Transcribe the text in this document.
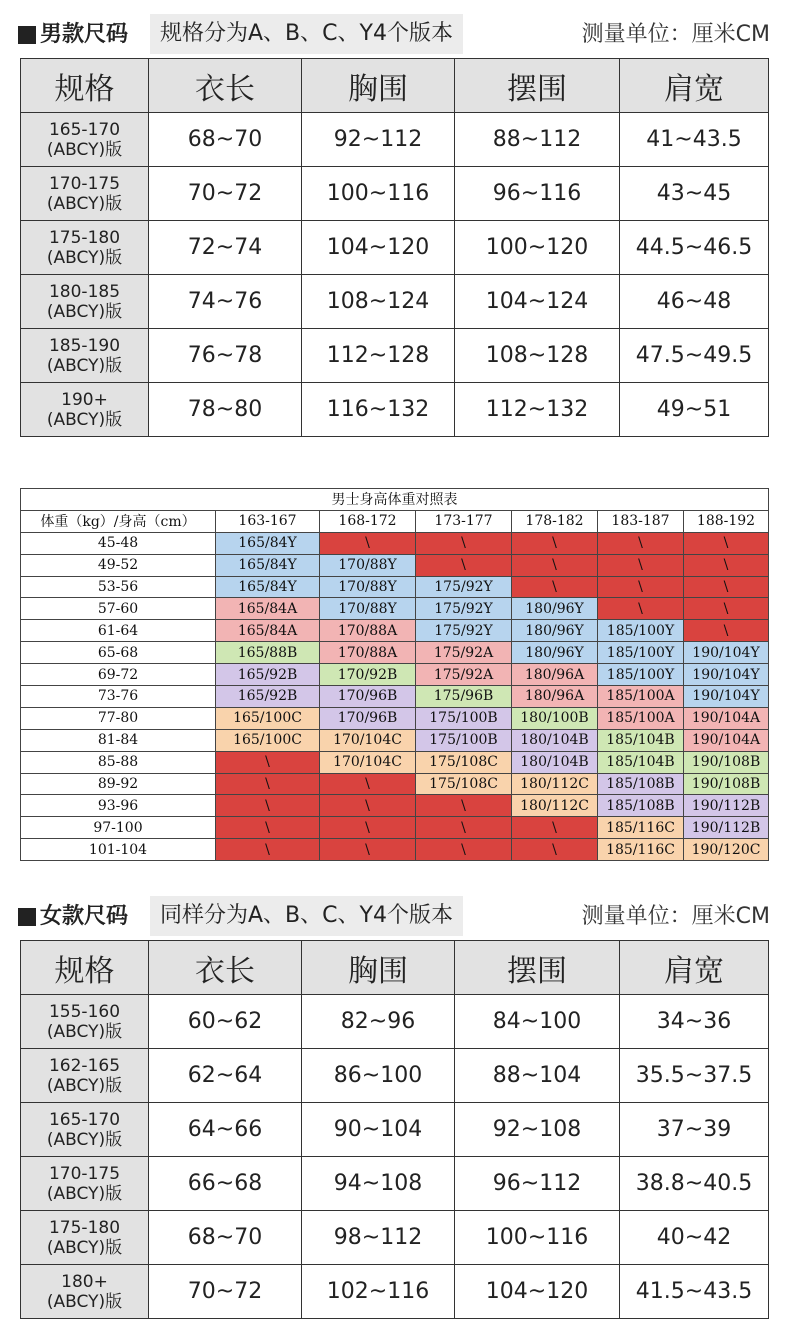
男款尺码	规格分为A、B、C、Y4个版本	测量单位：厘米CM
规格	衣长	胸围	摆围	肩宽

165-170
(ABCY)版	68~70	92~112	88~112	41~43.5

170-175
(ABCY)版	70~72	100~116	96~116	43~45

175-180
(ABCY)版	72~74	104~120	100~120	44.5~46.5

180-185
(ABCY)版	74~76	108~124	104~124	46~48

185-190
(ABCY)版	76~78	112~128	108~128	47.5~49.5

190+
(ABCY)版	78~80	116~132	112~132	49~51
男士身高体重对照表						
体重（kg）/身高（cm）	163-167	168-172	173-177	178-182	183-187	188-192
45-48	165/84Y	\	\	\	\	\
49-52	165/84Y	170/88Y	\	\	\	\
53-56	165/84Y	170/88Y	175/92Y	\	\	\
57-60	165/84A	170/88Y	175/92Y	180/96Y	\	\
61-64	165/84A	170/88A	175/92Y	180/96Y	185/100Y	\
65-68	165/88B	170/88A	175/92A	180/96Y	185/100Y	190/104Y
69-72	165/92B	170/92B	175/92A	180/96A	185/100Y	190/104Y
73-76	165/92B	170/96B	175/96B	180/96A	185/100A	190/104Y
77-80	165/100C	170/96B	175/100B	180/100B	185/100A	190/104A
81-84	165/100C	170/104C	175/100B	180/104B	185/104B	190/104A
85-88	\	170/104C	175/108C	180/104B	185/104B	190/108B
89-92	\	\	175/108C	180/112C	185/108B	190/108B
93-96	\	\	\	180/112C	185/108B	190/112B
97-100	\	\	\	\	185/116C	190/112B
101-104	\	\	\	\	185/116C	190/120C
女款尺码	同样分为A、B、C、Y4个版本	测量单位：厘米CM
规格	衣长	胸围	摆围	肩宽

155-160
(ABCY)版	60~62	82~96	84~100	34~36

162-165
(ABCY)版	62~64	86~100	88~104	35.5~37.5

165-170
(ABCY)版	64~66	90~104	92~108	37~39

170-175
(ABCY)版	66~68	94~108	96~112	38.8~40.5

175-180
(ABCY)版	68~70	98~112	100~116	40~42

180+
(ABCY)版	70~72	102~116	104~120	41.5~43.5
